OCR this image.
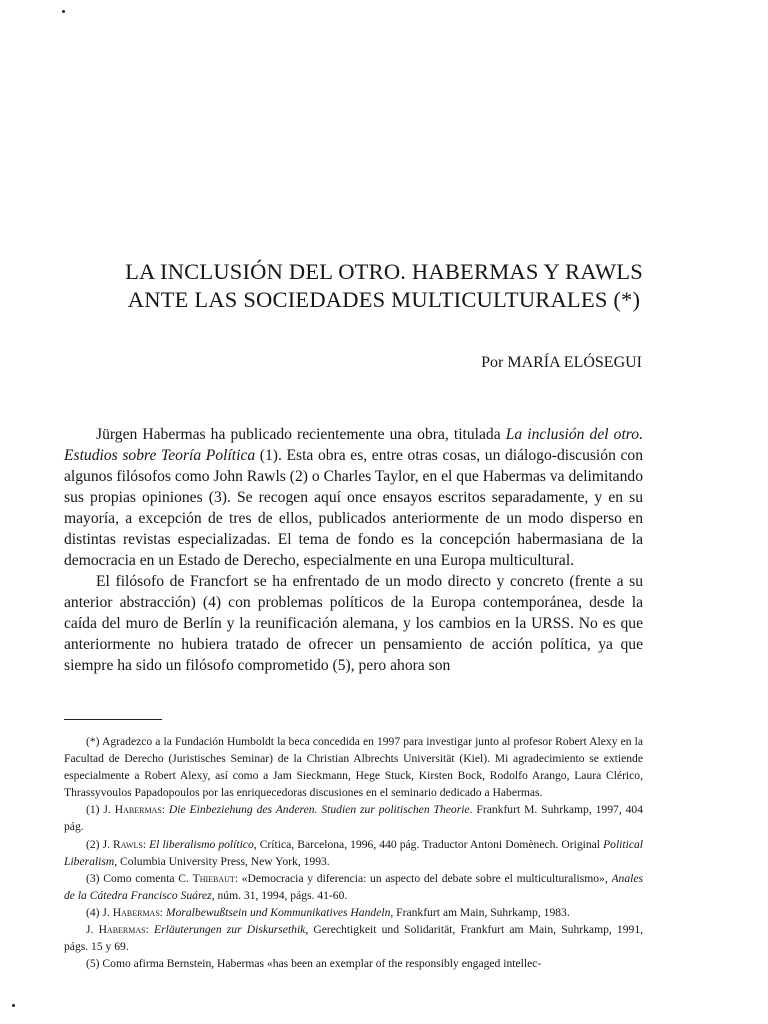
LA INCLUSIÓN DEL OTRO. HABERMAS Y RAWLS
ANTE LAS SOCIEDADES MULTICULTURALES (*)
Por MARÍA ELÓSEGUI

Jürgen Habermas ha publicado recientemente una obra, titulada La inclusión del otro. Estudios sobre Teoría Política (1). Esta obra es, entre otras cosas, un diálogo-discusión con algunos filósofos como John Rawls (2) o Charles Taylor, en el que Habermas va delimitando sus propias opiniones (3). Se recogen aquí once ensayos escritos separadamente, y en su mayoría, a excepción de tres de ellos, publicados anteriormente de un modo disperso en distintas revistas especializadas. El tema de fondo es la concepción habermasiana de la democracia en un Estado de Derecho, especialmente en una Europa multicultural.

El filósofo de Francfort se ha enfrentado de un modo directo y concreto (frente a su anterior abstracción) (4) con problemas políticos de la Europa contemporánea, desde la caída del muro de Berlín y la reunificación alemana, y los cambios en la URSS. No es que anteriormente no hubiera tratado de ofrecer un pensamiento de acción política, ya que siempre ha sido un filósofo comprometido (5), pero ahora son

(*) Agradezco a la Fundación Humboldt la beca concedida en 1997 para investigar junto al profesor Robert Alexy en la Facultad de Derecho (Juristisches Seminar) de la Christian Albrechts Universität (Kiel). Mi agradecimiento se extiende especialmente a Robert Alexy, así como a Jam Sieckmann, Hege Stuck, Kirsten Bock, Rodolfo Arango, Laura Clérico, Thrassyvoulos Papadopoulos por las enriquecedoras discusiones en el seminario dedicado a Habermas.

(1) J. Habermas: Die Einbeziehung des Anderen. Studien zur politischen Theorie. Frankfurt M. Suhrkamp, 1997, 404 pág.

(2) J. Rawls: El liberalismo político, Crítica, Barcelona, 1996, 440 pág. Traductor Antoni Domènech. Original Political Liberalism, Columbia University Press, New York, 1993.

(3) Como comenta C. Thiebaut: «Democracia y diferencia: un aspecto del debate sobre el multiculturalismo», Anales de la Cátedra Francisco Suárez, núm. 31, 1994, págs. 41-60.

(4) J. Habermas: Moralbewußtsein und Kommunikatives Handeln, Frankfurt am Main, Suhrkamp, 1983.

J. Habermas: Erläuterungen zur Diskursethik, Gerechtigkeit und Solidarität, Frankfurt am Main, Suhrkamp, 1991, págs. 15 y 69.

(5) Como afirma Bernstein, Habermas «has been an exemplar of the responsibly engaged intellec-
